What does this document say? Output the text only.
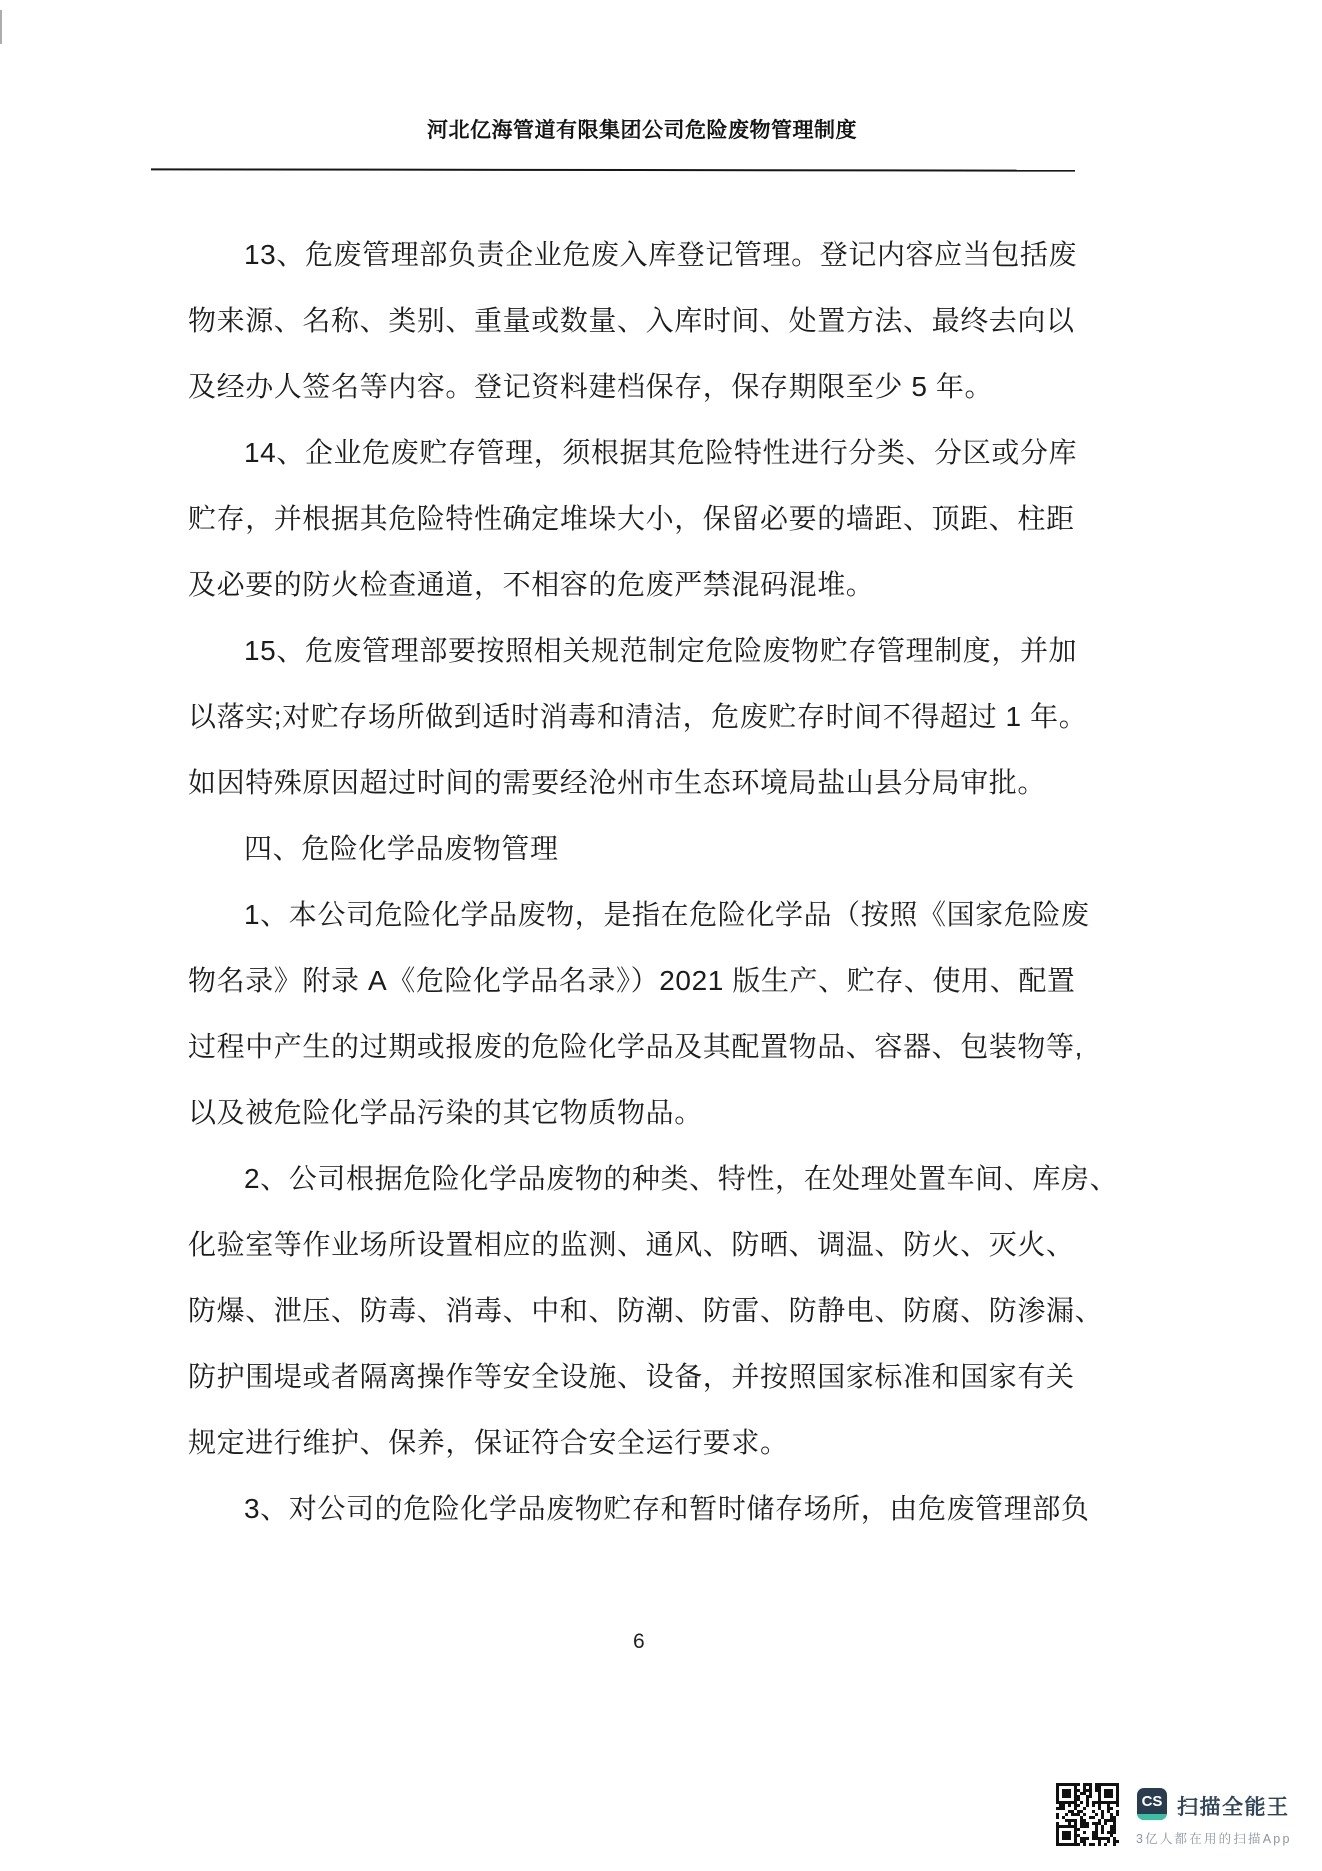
河北亿海管道有限集团公司危险废物管理制度
13、危废管理部负责企业危废入库登记管理。登记内容应当包括废
物来源、名称、类别、重量或数量、入库时间、处置方法、最终去向以
及经办人签名等内容。登记资料建档保存，保存期限至少 5 年。
14、企业危废贮存管理，须根据其危险特性进行分类、分区或分库
贮存，并根据其危险特性确定堆垛大小，保留必要的墙距、顶距、柱距
及必要的防火检查通道，不相容的危废严禁混码混堆。
15、危废管理部要按照相关规范制定危险废物贮存管理制度，并加
以落实;对贮存场所做到适时消毒和清洁，危废贮存时间不得超过 1 年。
如因特殊原因超过时间的需要经沧州市生态环境局盐山县分局审批。
四、危险化学品废物管理
1、本公司危险化学品废物，是指在危险化学品（按照《国家危险废
物名录》附录 A《危险化学品名录》）2021 版生产、贮存、使用、配置
过程中产生的过期或报废的危险化学品及其配置物品、容器、包装物等,
以及被危险化学品污染的其它物质物品。
2、公司根据危险化学品废物的种类、特性，在处理处置车间、库房、
化验室等作业场所设置相应的监测、通风、防晒、调温、防火、灭火、
防爆、泄压、防毒、消毒、中和、防潮、防雷、防静电、防腐、防渗漏、
防护围堤或者隔离操作等安全设施、设备，并按照国家标准和国家有关
规定进行维护、保养，保证符合安全运行要求。
3、对公司的危险化学品废物贮存和暂时储存场所，由危废管理部负
6
CS 扫描全能王
3亿人都在用的扫描App
